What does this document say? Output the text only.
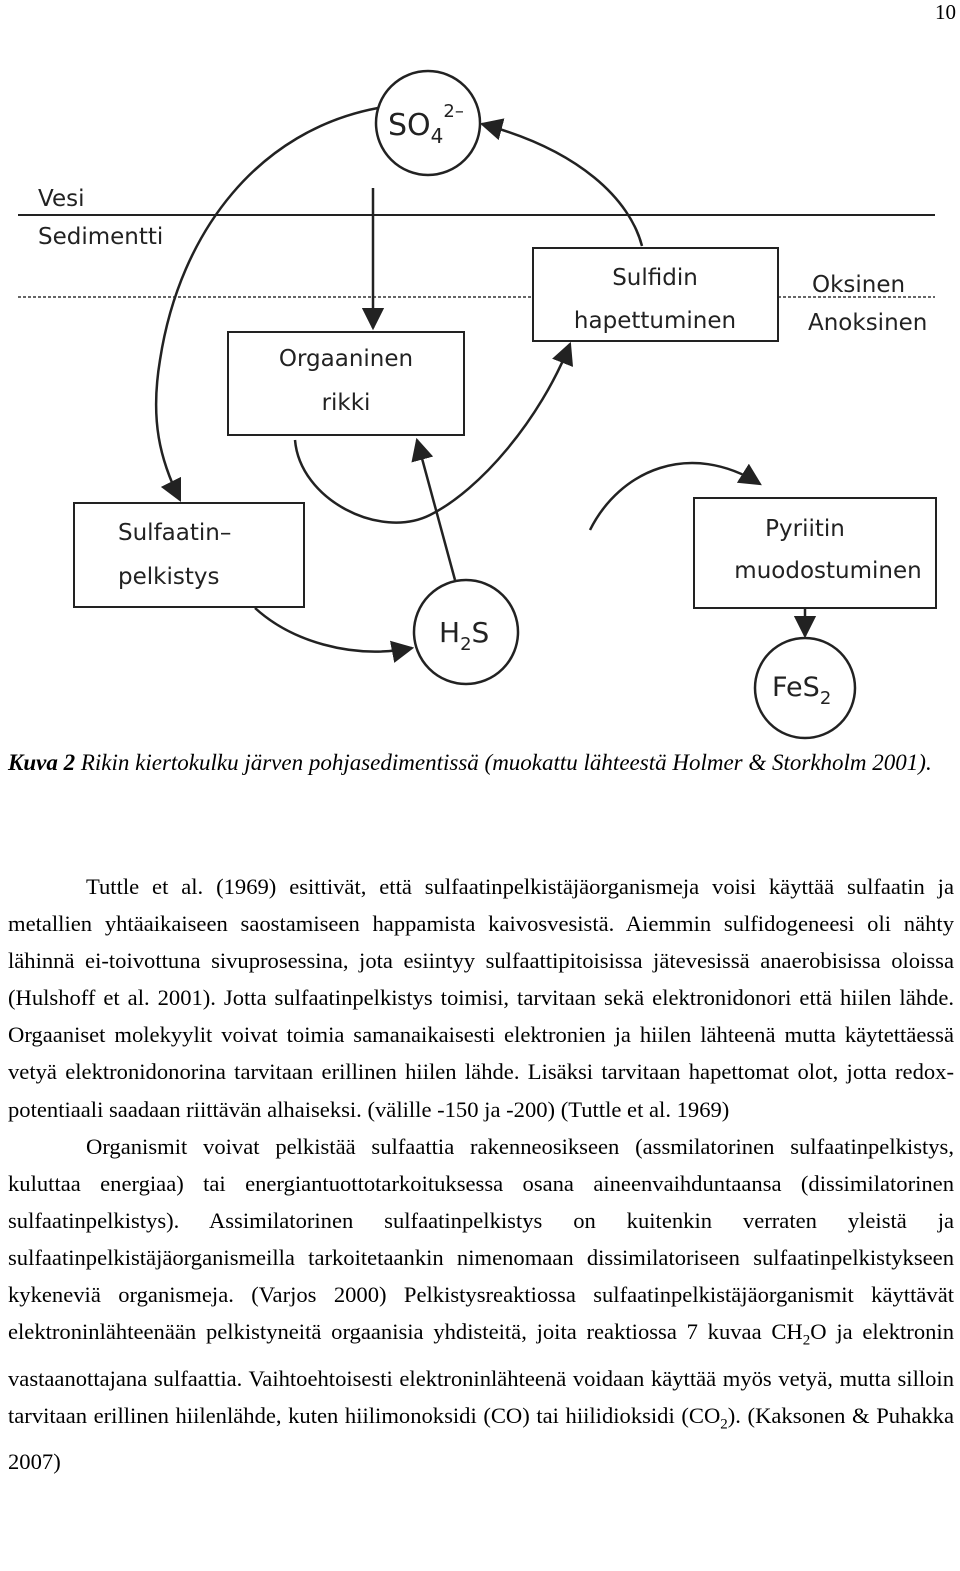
10
Vesi
Sedimentti
Oksinen
Anoksinen
$SO_4^{2-}$
Sulfidin
hapettuminen
Orgaaninen
rikki
Sulfaatin–
pelkistys
Pyriitin
muodostuminen
$H_2S$
FeS$_2$
Kuva 2 Rikin kiertokulku järven pohjasedimentissä (muokattu lähteestä Holmer & Storkholm 2001).

Tuttle et al. (1969) esittivät, että sulfaatinpelkistäjäorganismeja voisi käyttää sulfaatin ja metallien yhtäaikaiseen saostamiseen happamista kaivosvesistä. Aiemmin sulfidogeneesi oli nähty lähinnä ei-toivottuna sivuprosessina, jota esiintyy sulfaattipitoisissa jätevesissä anaerobisissa oloissa (Hulshoff et al. 2001). Jotta sulfaatinpelkistys toimisi, tarvitaan sekä elektronidonori että hiilen lähde. Orgaaniset molekyylit voivat toimia samanaikaisesti elektronien ja hiilen lähteenä mutta käytettäessä vetyä elektronidonorina tarvitaan erillinen hiilen lähde. Lisäksi tarvitaan hapettomat olot, jotta redox-potentiaali saadaan riittävän alhaiseksi. (välille -150 ja -200) (Tuttle et al. 1969)

Organismit voivat pelkistää sulfaattia rakenneosikseen (assmilatorinen sulfaatinpelkistys, kuluttaa energiaa) tai energiantuottotarkoituksessa osana aineenvaihduntaansa (dissimilatorinen sulfaatinpelkistys). Assimilatorinen sulfaatinpelkistys on kuitenkin verraten yleistä ja sulfaatinpelkistäjäorganismeilla tarkoitetaankin nimenomaan dissimilatoriseen sulfaatinpelkistykseen kykeneviä organismeja. (Varjos 2000) Pelkistysreaktiossa sulfaatinpelkistäjäorganismit käyttävät elektroninlähteenään pelkistyneitä orgaanisia yhdisteitä, joita reaktiossa 7 kuvaa $CH_2O$ ja elektronin vastaanottajana sulfaattia. Vaihtoehtoisesti elektroninlähteenä voidaan käyttää myös vetyä, mutta silloin tarvitaan erillinen hiilenlähde, kuten hiilimonoksidi (CO) tai hiilidioksidi $(CO_2)$. (Kaksonen & Puhakka 2007)
